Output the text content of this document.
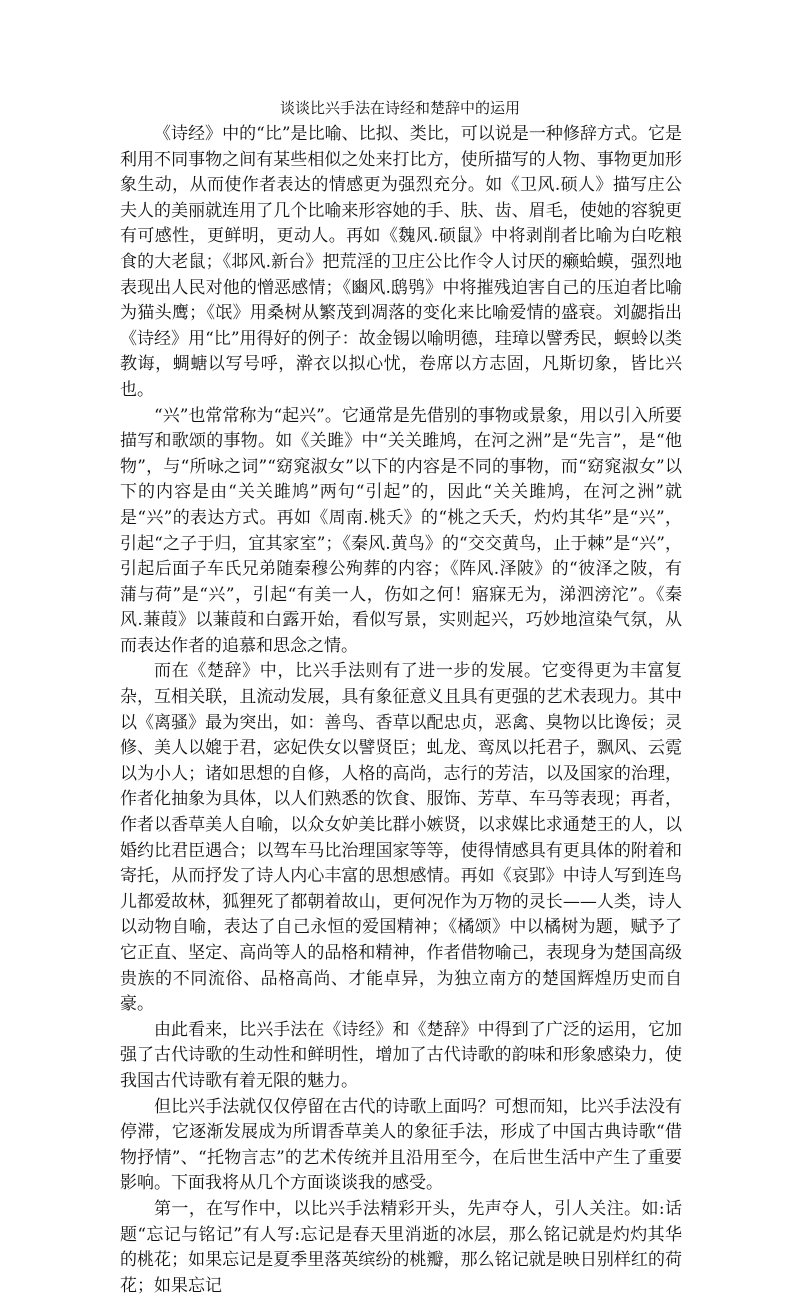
谈谈比兴手法在诗经和楚辞中的运用

《诗经》中的“比”是比喻、比拟、类比，可以说是一种修辞方式。它是利用不同事物之间有某些相似之处来打比方，使所描写的人物、事物更加形象生动，从而使作者表达的情感更为强烈充分。如《卫风.硕人》描写庄公夫人的美丽就连用了几个比喻来形容她的手、肤、齿、眉毛，使她的容貌更有可感性，更鲜明，更动人。再如《魏风.硕鼠》中将剥削者比喻为白吃粮食的大老鼠；《邶风.新台》把荒淫的卫庄公比作令人讨厌的癞蛤蟆，强烈地表现出人民对他的憎恶感情；《豳风.鸱鸮》中将摧残迫害自己的压迫者比喻为猫头鹰；《氓》用桑树从繁茂到凋落的变化来比喻爱情的盛衰。刘勰指出《诗经》用“比”用得好的例子：故金锡以喻明德，珪璋以譬秀民，螟蛉以类教诲，蜩螗以写号呼，澣衣以拟心忧，卷席以方志固，凡斯切象，皆比兴也。

“兴”也常常称为“起兴”。它通常是先借别的事物或景象，用以引入所要描写和歌颂的事物。如《关雎》中“关关雎鸠，在河之洲”是“先言”，是“他物”，与“所咏之词”“窈窕淑女”以下的内容是不同的事物，而“窈窕淑女”以下的内容是由“关关雎鸠”两句“引起”的，因此“关关雎鸠，在河之洲”就是“兴”的表达方式。再如《周南.桃夭》的“桃之夭夭，灼灼其华”是“兴”，引起“之子于归，宜其家室”；《秦风.黄鸟》的“交交黄鸟，止于棘”是“兴”，引起后面子车氏兄弟随秦穆公殉葬的内容；《阵风.泽陂》的“彼泽之陂，有蒲与荷”是“兴”，引起“有美一人，伤如之何！寤寐无为，涕泗滂沱”。《秦风.蒹葭》以蒹葭和白露开始，看似写景，实则起兴，巧妙地渲染气氛，从而表达作者的追慕和思念之情。

而在《楚辞》中，比兴手法则有了进一步的发展。它变得更为丰富复杂，互相关联，且流动发展，具有象征意义且具有更强的艺术表现力。其中以《离骚》最为突出，如：善鸟、香草以配忠贞，恶禽、臭物以比谗佞；灵修、美人以媲于君，宓妃佚女以譬贤臣；虬龙、鸾凤以托君子，飘风、云霓以为小人；诸如思想的自修，人格的高尚，志行的芳洁，以及国家的治理，作者化抽象为具体，以人们熟悉的饮食、服饰、芳草、车马等表现；再者，作者以香草美人自喻，以众女妒美比群小嫉贤，以求媒比求通楚王的人，以婚约比君臣遇合；以驾车马比治理国家等等，使得情感具有更具体的附着和寄托，从而抒发了诗人内心丰富的思想感情。再如《哀郢》中诗人写到连鸟儿都爱故林，狐狸死了都朝着故山，更何况作为万物的灵长——人类，诗人以动物自喻，表达了自己永恒的爱国精神；《橘颂》中以橘树为题，赋予了它正直、坚定、高尚等人的品格和精神，作者借物喻己，表现身为楚国高级贵族的不同流俗、品格高尚、才能卓异，为独立南方的楚国辉煌历史而自豪。

由此看来，比兴手法在《诗经》和《楚辞》中得到了广泛的运用，它加强了古代诗歌的生动性和鲜明性，增加了古代诗歌的韵味和形象感染力，使我国古代诗歌有着无限的魅力。

但比兴手法就仅仅停留在古代的诗歌上面吗？可想而知，比兴手法没有停滞，它逐渐发展成为所谓香草美人的象征手法，形成了中国古典诗歌“借物抒情”、“托物言志”的艺术传统并且沿用至今，在后世生活中产生了重要影响。下面我将从几个方面谈谈我的感受。

第一，在写作中，以比兴手法精彩开头，先声夺人，引人关注。如:话题“忘记与铭记”有人写:忘记是春天里消逝的冰层，那么铭记就是灼灼其华的桃花；如果忘记是夏季里落英缤纷的桃瓣，那么铭记就是映日别样红的荷花；如果忘记
